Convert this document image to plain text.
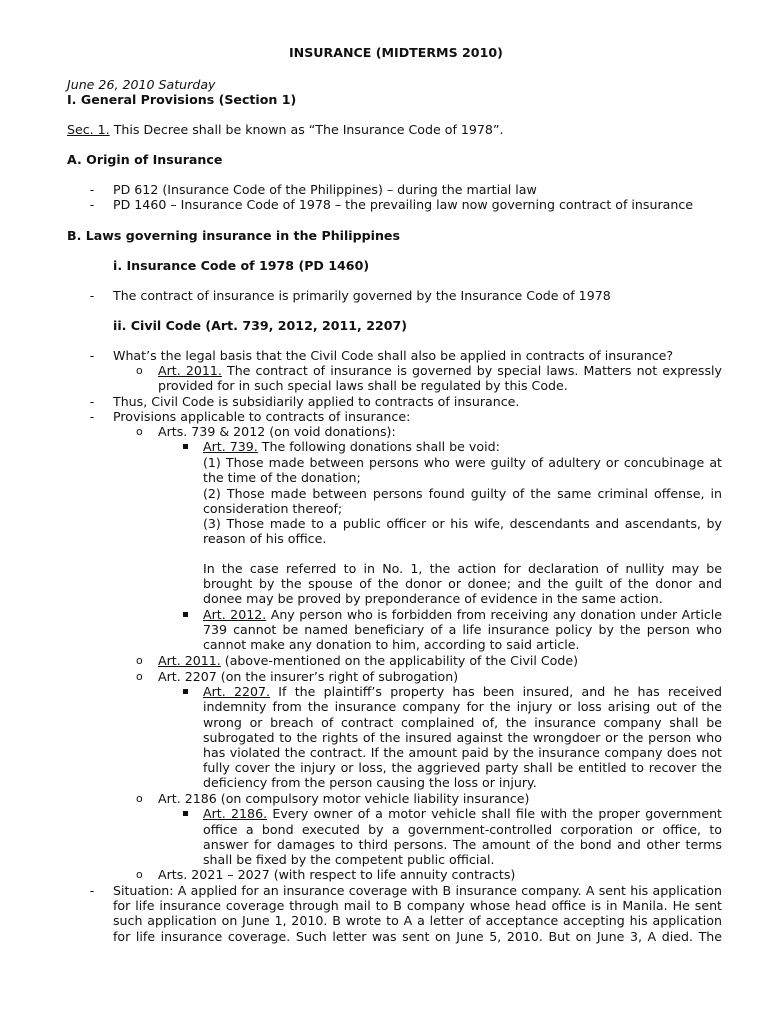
INSURANCE (MIDTERMS 2010)
June 26, 2010 Saturday
I. General Provisions (Section 1)
Sec. 1. This Decree shall be known as “The Insurance Code of 1978”.
A. Origin of Insurance
- PD 612 (Insurance Code of the Philippines) – during the martial law
- PD 1460 – Insurance Code of 1978 – the prevailing law now governing contract of insurance
B. Laws governing insurance in the Philippines
i. Insurance Code of 1978 (PD 1460)
- The contract of insurance is primarily governed by the Insurance Code of 1978
ii. Civil Code (Art. 739, 2012, 2011, 2207)
- What’s the legal basis that the Civil Code shall also be applied in contracts of insurance?
o Art. 2011. The contract of insurance is governed by special laws. Matters not expressly
provided for in such special laws shall be regulated by this Code.
- Thus, Civil Code is subsidiarily applied to contracts of insurance.
- Provisions applicable to contracts of insurance:
o Arts. 739 & 2012 (on void donations):
Art. 739. The following donations shall be void:
(1) Those made between persons who were guilty of adultery or concubinage at
the time of the donation;
(2) Those made between persons found guilty of the same criminal offense, in
consideration thereof;
(3) Those made to a public officer or his wife, descendants and ascendants, by
reason of his office.
In the case referred to in No. 1, the action for declaration of nullity may be
brought by the spouse of the donor or donee; and the guilt of the donor and
donee may be proved by preponderance of evidence in the same action.
Art. 2012. Any person who is forbidden from receiving any donation under Article
739 cannot be named beneficiary of a life insurance policy by the person who
cannot make any donation to him, according to said article.
o Art. 2011. (above-mentioned on the applicability of the Civil Code)
o Art. 2207 (on the insurer’s right of subrogation)
Art. 2207. If the plaintiff’s property has been insured, and he has received
indemnity from the insurance company for the injury or loss arising out of the
wrong or breach of contract complained of, the insurance company shall be
subrogated to the rights of the insured against the wrongdoer or the person who
has violated the contract. If the amount paid by the insurance company does not
fully cover the injury or loss, the aggrieved party shall be entitled to recover the
deficiency from the person causing the loss or injury.
o Art. 2186 (on compulsory motor vehicle liability insurance)
Art. 2186. Every owner of a motor vehicle shall file with the proper government
office a bond executed by a government-controlled corporation or office, to
answer for damages to third persons. The amount of the bond and other terms
shall be fixed by the competent public official.
o Arts. 2021 – 2027 (with respect to life annuity contracts)
- Situation: A applied for an insurance coverage with B insurance company. A sent his application
for life insurance coverage through mail to B company whose head office is in Manila. He sent
such application on June 1, 2010. B wrote to A a letter of acceptance accepting his application
for life insurance coverage. Such letter was sent on June 5, 2010. But on June 3, A died. The
